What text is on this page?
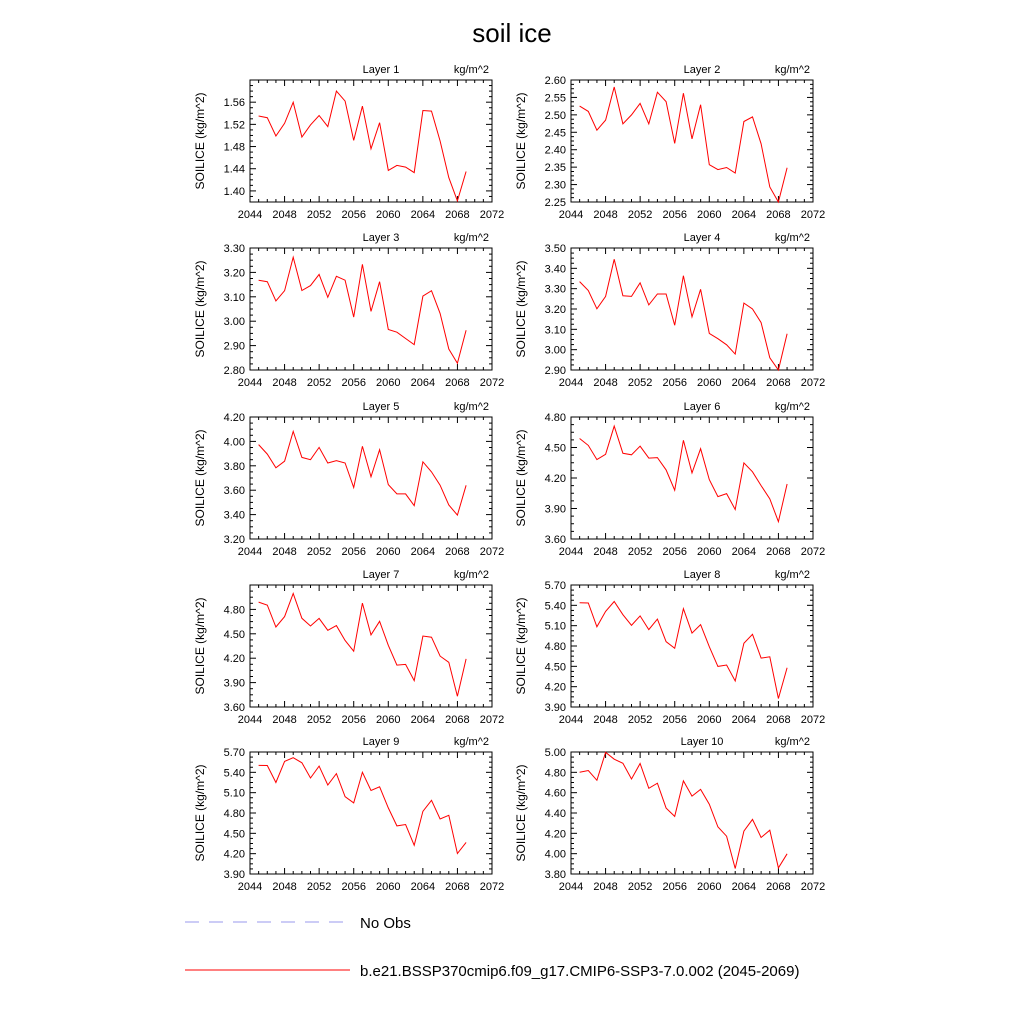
soil ice
Layer 1	kg/m^2
2044 2048 2052 2056 2060 2064 2068 2072
1.40
1.44
1.48
1.52
1.56
SOILICE (kg/m^2)
Layer 2	kg/m^2
2044 2048 2052 2056 2060 2064 2068 2072
2.25
2.30
2.35
2.40
2.45
2.50
2.55
2.60
SOILICE (kg/m^2)
Layer 3	kg/m^2
2044 2048 2052 2056 2060 2064 2068 2072
2.80
2.90
3.00
3.10
3.20
3.30
SOILICE (kg/m^2)
Layer 4	kg/m^2
2044 2048 2052 2056 2060 2064 2068 2072
2.90
3.00
3.10
3.20
3.30
3.40
3.50
SOILICE (kg/m^2)
Layer 5	kg/m^2
2044 2048 2052 2056 2060 2064 2068 2072
3.20
3.40
3.60
3.80
4.00
4.20
SOILICE (kg/m^2)
Layer 6	kg/m^2
2044 2048 2052 2056 2060 2064 2068 2072
3.60
3.90
4.20
4.50
4.80
SOILICE (kg/m^2)
Layer 7	kg/m^2
2044 2048 2052 2056 2060 2064 2068 2072
3.60
3.90
4.20
4.50
4.80
SOILICE (kg/m^2)
Layer 8	kg/m^2
2044 2048 2052 2056 2060 2064 2068 2072
3.90
4.20
4.50
4.80
5.10
5.40
5.70
SOILICE (kg/m^2)
Layer 9	kg/m^2
2044 2048 2052 2056 2060 2064 2068 2072
3.90
4.20
4.50
4.80
5.10
5.40
5.70
SOILICE (kg/m^2)
Layer 10	kg/m^2
2044 2048 2052 2056 2060 2064 2068 2072
3.80
4.00
4.20
4.40
4.60
4.80
5.00
SOILICE (kg/m^2)
No Obs
b.e21.BSSP370cmip6.f09_g17.CMIP6-SSP3-7.0.002 (2045-2069)
